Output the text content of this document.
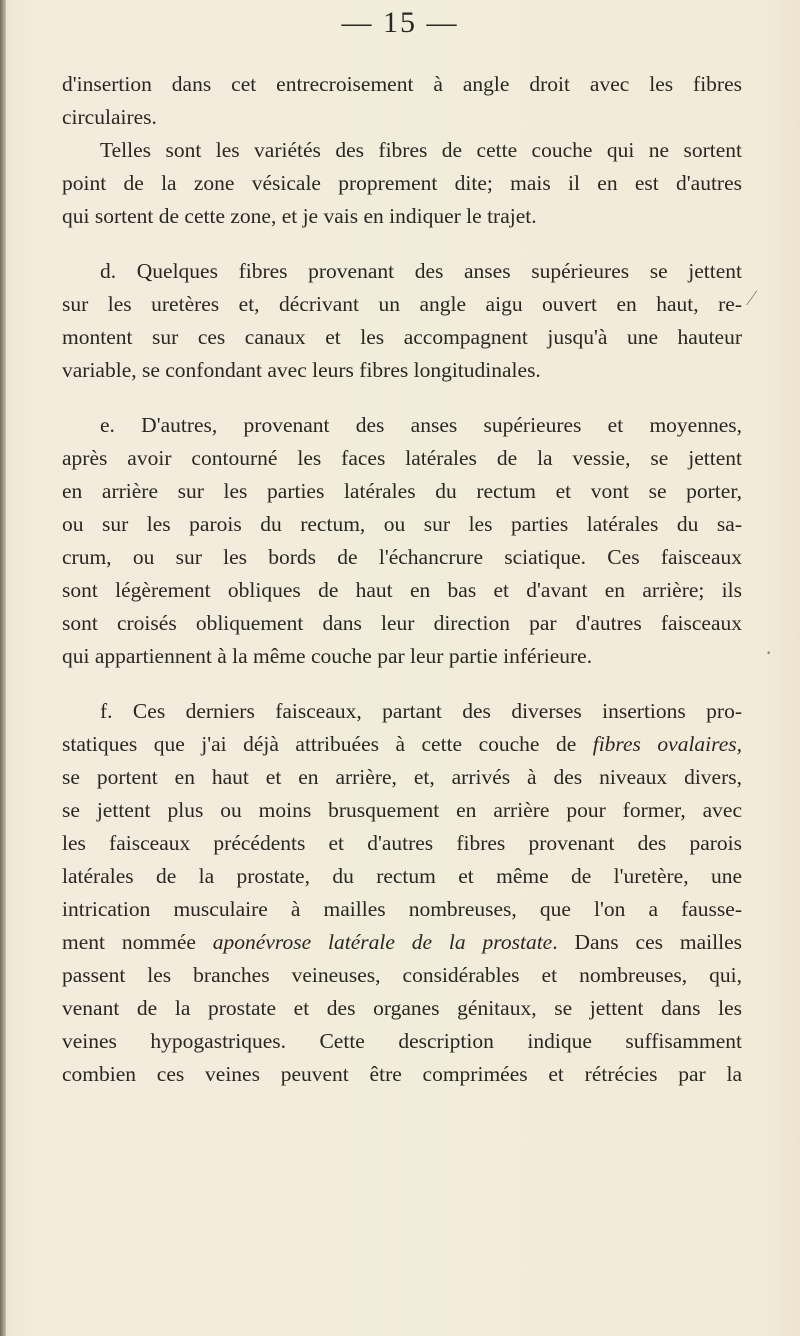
— 15 —

d'insertion dans cet entrecroisement à angle droit avec les fibres
circulaires.

Telles sont les variétés des fibres de cette couche qui ne sortent
point de la zone vésicale proprement dite; mais il en est d'autres
qui sortent de cette zone, et je vais en indiquer le trajet.

d. Quelques fibres provenant des anses supérieures se jettent
sur les uretères et, décrivant un angle aigu ouvert en haut, re-
montent sur ces canaux et les accompagnent jusqu'à une hauteur
variable, se confondant avec leurs fibres longitudinales.

e. D'autres, provenant des anses supérieures et moyennes,
après avoir contourné les faces latérales de la vessie, se jettent
en arrière sur les parties latérales du rectum et vont se porter,
ou sur les parois du rectum, ou sur les parties latérales du sa-
crum, ou sur les bords de l'échancrure sciatique. Ces faisceaux
sont légèrement obliques de haut en bas et d'avant en arrière; ils
sont croisés obliquement dans leur direction par d'autres faisceaux
qui appartiennent à la même couche par leur partie inférieure.

f. Ces derniers faisceaux, partant des diverses insertions pro-
statiques que j'ai déjà attribuées à cette couche de fibres ovalaires,
se portent en haut et en arrière, et, arrivés à des niveaux divers,
se jettent plus ou moins brusquement en arrière pour former, avec
les faisceaux précédents et d'autres fibres provenant des parois
latérales de la prostate, du rectum et même de l'uretère, une
intrication musculaire à mailles nombreuses, que l'on a fausse-
ment nommée aponévrose latérale de la prostate. Dans ces mailles
passent les branches veineuses, considérables et nombreuses, qui,
venant de la prostate et des organes génitaux, se jettent dans les
veines hypogastriques. Cette description indique suffisamment
combien ces veines peuvent être comprimées et rétrécies par la

⁄
·
